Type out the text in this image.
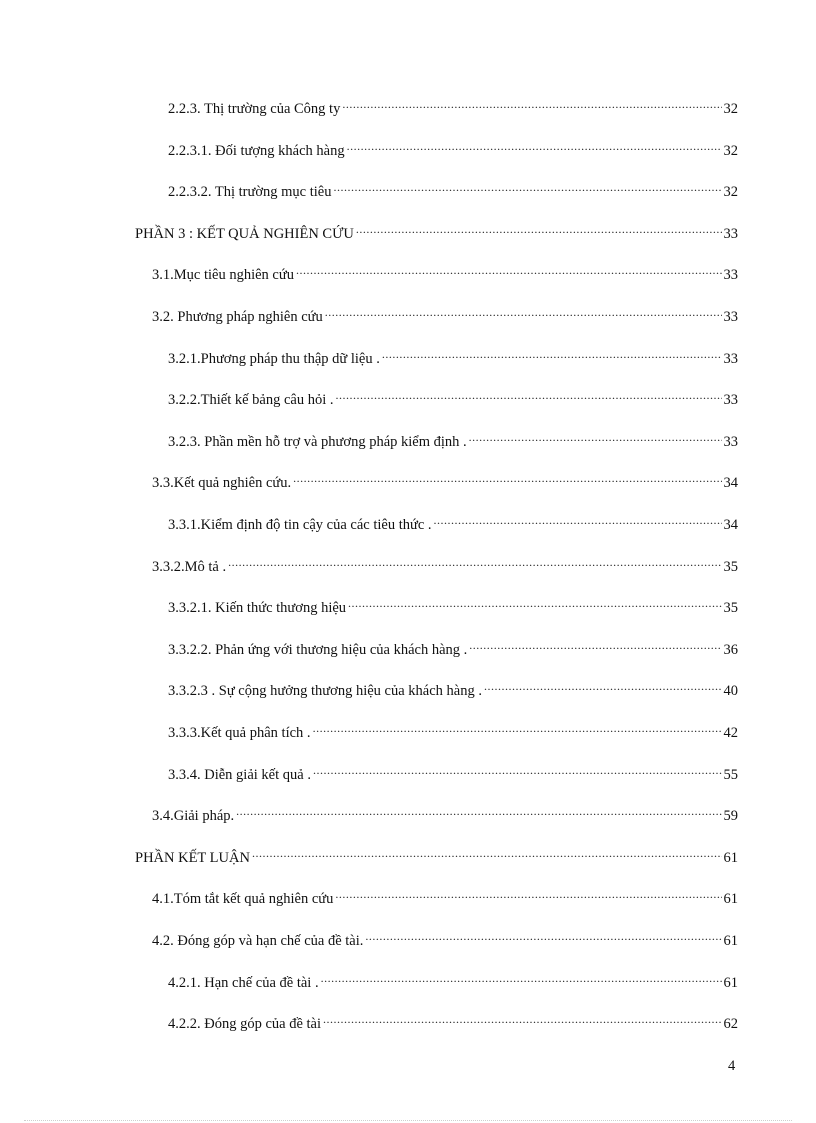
2.2.3. Thị trường của Công ty .....	32
2.2.3.1. Đối tượng khách hàng .....	32
2.2.3.2. Thị trường mục tiêu .....	32
PHẦN 3 : KẾT QUẢ NGHIÊN CỨU .....	33
3.1.Mục tiêu nghiên cứu .....	33
3.2. Phương pháp nghiên cứu .....	33
3.2.1.Phương pháp thu thập dữ liệu . .....	33
3.2.2.Thiết kế bảng câu hỏi . .....	33
3.2.3. Phần mền hỗ trợ và phương pháp kiểm định . .....	33
3.3.Kết quả nghiên cứu. .....	34
3.3.1.Kiểm định độ tin cậy của các tiêu thức . .....	34
3.3.2.Mô tả . .....	35
3.3.2.1. Kiến thức thương hiệu .....	35
3.3.2.2. Phản ứng với thương hiệu của khách hàng . .....	36
3.3.2.3 . Sự cộng hưởng thương hiệu của khách hàng . .....	40
3.3.3.Kết quả phân tích . .....	42
3.3.4. Diễn giải kết quả . .....	55
3.4.Giải pháp. .....	59
PHẦN KẾT LUẬN .....	61
4.1.Tóm tắt kết quả nghiên cứu .....	61
4.2. Đóng góp và hạn chế của đề tài. .....	61
4.2.1. Hạn chế của đề tài . .....	61
4.2.2. Đóng góp của đề tài .....	62
4
